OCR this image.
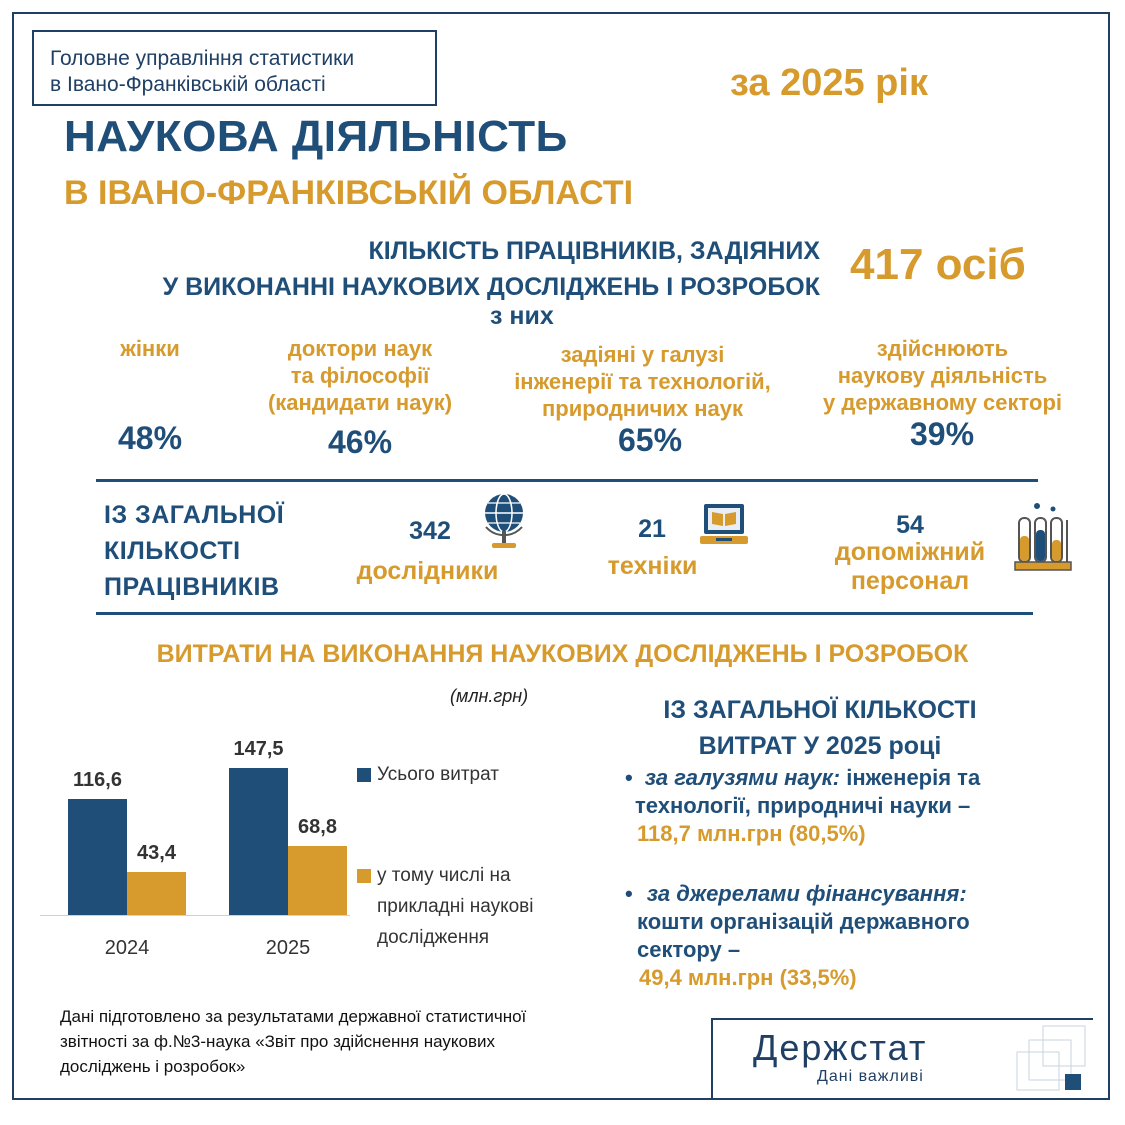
Головне управління статистики
в Івано-Франківській області	за 2025 рік
НАУКОВА ДІЯЛЬНІСТЬ
В ІВАНО-ФРАНКІВСЬКІЙ ОБЛАСТІ
КІЛЬКІСТЬ ПРАЦІВНИКІВ, ЗАДІЯНИХ
У ВИКОНАННІ НАУКОВИХ ДОСЛІДЖЕНЬ І РОЗРОБОК 417 осіб
з них
жінки
48%
доктори наук
та філософії
(кандидати наук)
46%
задіяні у галузі
інженерії та технологій,
природничих наук
65%
здійснюють
наукову діяльність
у державному секторі
39%
ІЗ ЗАГАЛЬНОЇ
КІЛЬКОСТІ
ПРАЦІВНИКІВ
342
дослідники
21
техніки
54
допоміжний
персонал
ВИТРАТИ НА ВИКОНАННЯ НАУКОВИХ ДОСЛІДЖЕНЬ І РОЗРОБОК
(млн.грн)
116,6
43,4
2024
147,5
68,8
2025
Усього витрат
у тому числі на
прикладні наукові
дослідження
ІЗ ЗАГАЛЬНОЇ КІЛЬКОСТІ
ВИТРАТ У 2025 році
• за галузями наук: інженерія та
технології, природничі науки –
118,7 млн.грн (80,5%)
• за джерелами фінансування:
кошти організацій державного
сектору –
49,4 млн.грн (33,5%)
Дані підготовлено за результатами державної статистичної
звітності за ф.№3-наука «Звіт про здійснення наукових
досліджень і розробок»	Держстат
Дані важливі
